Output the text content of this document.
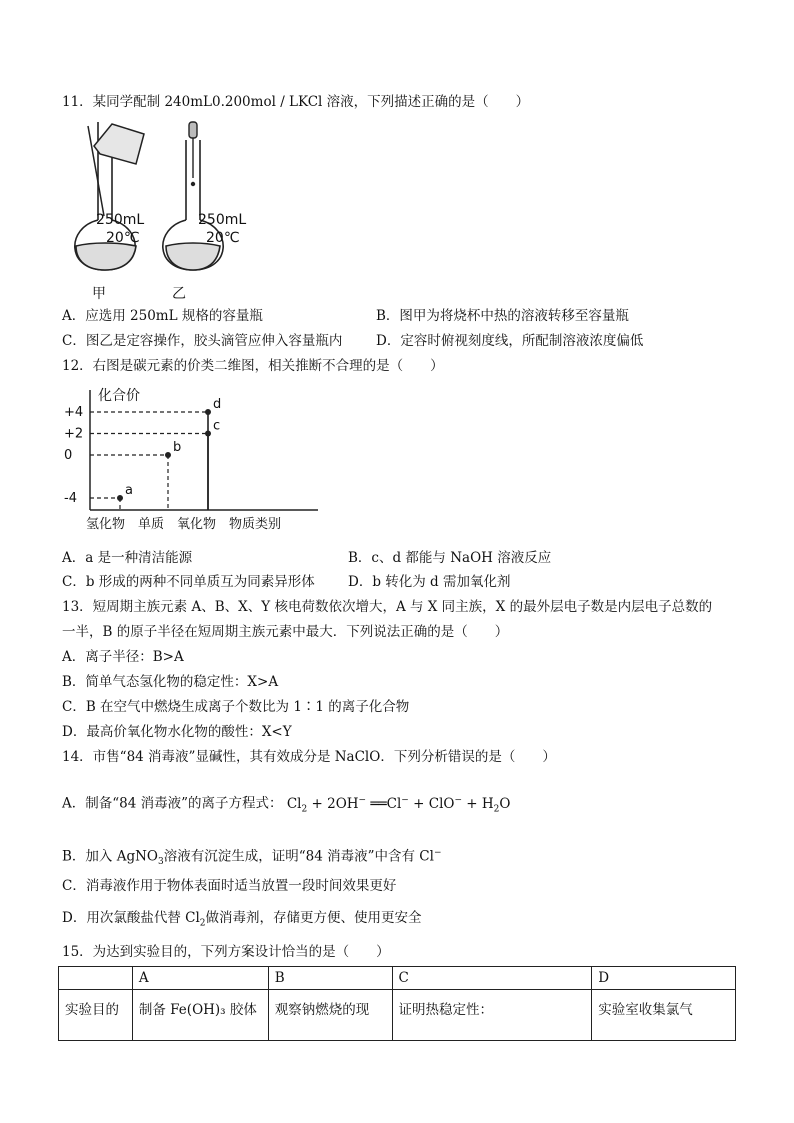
11．某同学配制 240mL0.200mol / LKCl 溶液，下列描述正确的是（　　）
250mL
20℃
250mL
20℃
甲	乙
A．应选用 250mL 规格的容量瓶	B．图甲为将烧杯中热的溶液转移至容量瓶
C．图乙是定容操作，胶头滴管应伸入容量瓶内 D．定容时俯视刻度线，所配制溶液浓度偏低
12．右图是碳元素的价类二维图，相关推断不合理的是（　　）
化合价
氢化物　单质　氧化物　物质类别
+4
+2
0
-4
a
b
c
d
A．a 是一种清洁能源	B．c、d 都能与 NaOH 溶液反应
C．b 形成的两种不同单质互为同素异形体 D．b 转化为 d 需加氧化剂
13．短周期主族元素 A、B、X、Y 核电荷数依次增大，A 与 X 同主族，X 的最外层电子数是内层电子总数的
一半，B 的原子半径在短周期主族元素中最大．下列说法正确的是（　　）
A．离子半径：B>A
B．简单气态氢化物的稳定性：X>A
C．B 在空气中燃烧生成离子个数比为 1∶1 的离子化合物
D．最高价氧化物水化物的酸性：X<Y
14．市售“84 消毒液”显碱性，其有效成分是 NaClO．下列分析错误的是（　　）
A．制备“84 消毒液”的离子方程式： $Cl_2 + 2OH^-$ ══Cl− + $ClO^- + H_2O$
B．加入 AgNO$_3$溶液有沉淀生成，证明“84 消毒液”中含有 Cl−
C．消毒液作用于物体表面时适当放置一段时间效果更好
D．用次氯酸盐代替 $Cl_2$做消毒剂，存储更方便、使用更安全
15．为达到实验目的，下列方案设计恰当的是（　　）
	A	B	C	D
实验目的	制备 Fe(OH)₃ 胶体	观察钠燃烧的现	证明热稳定性：	实验室收集氯气
